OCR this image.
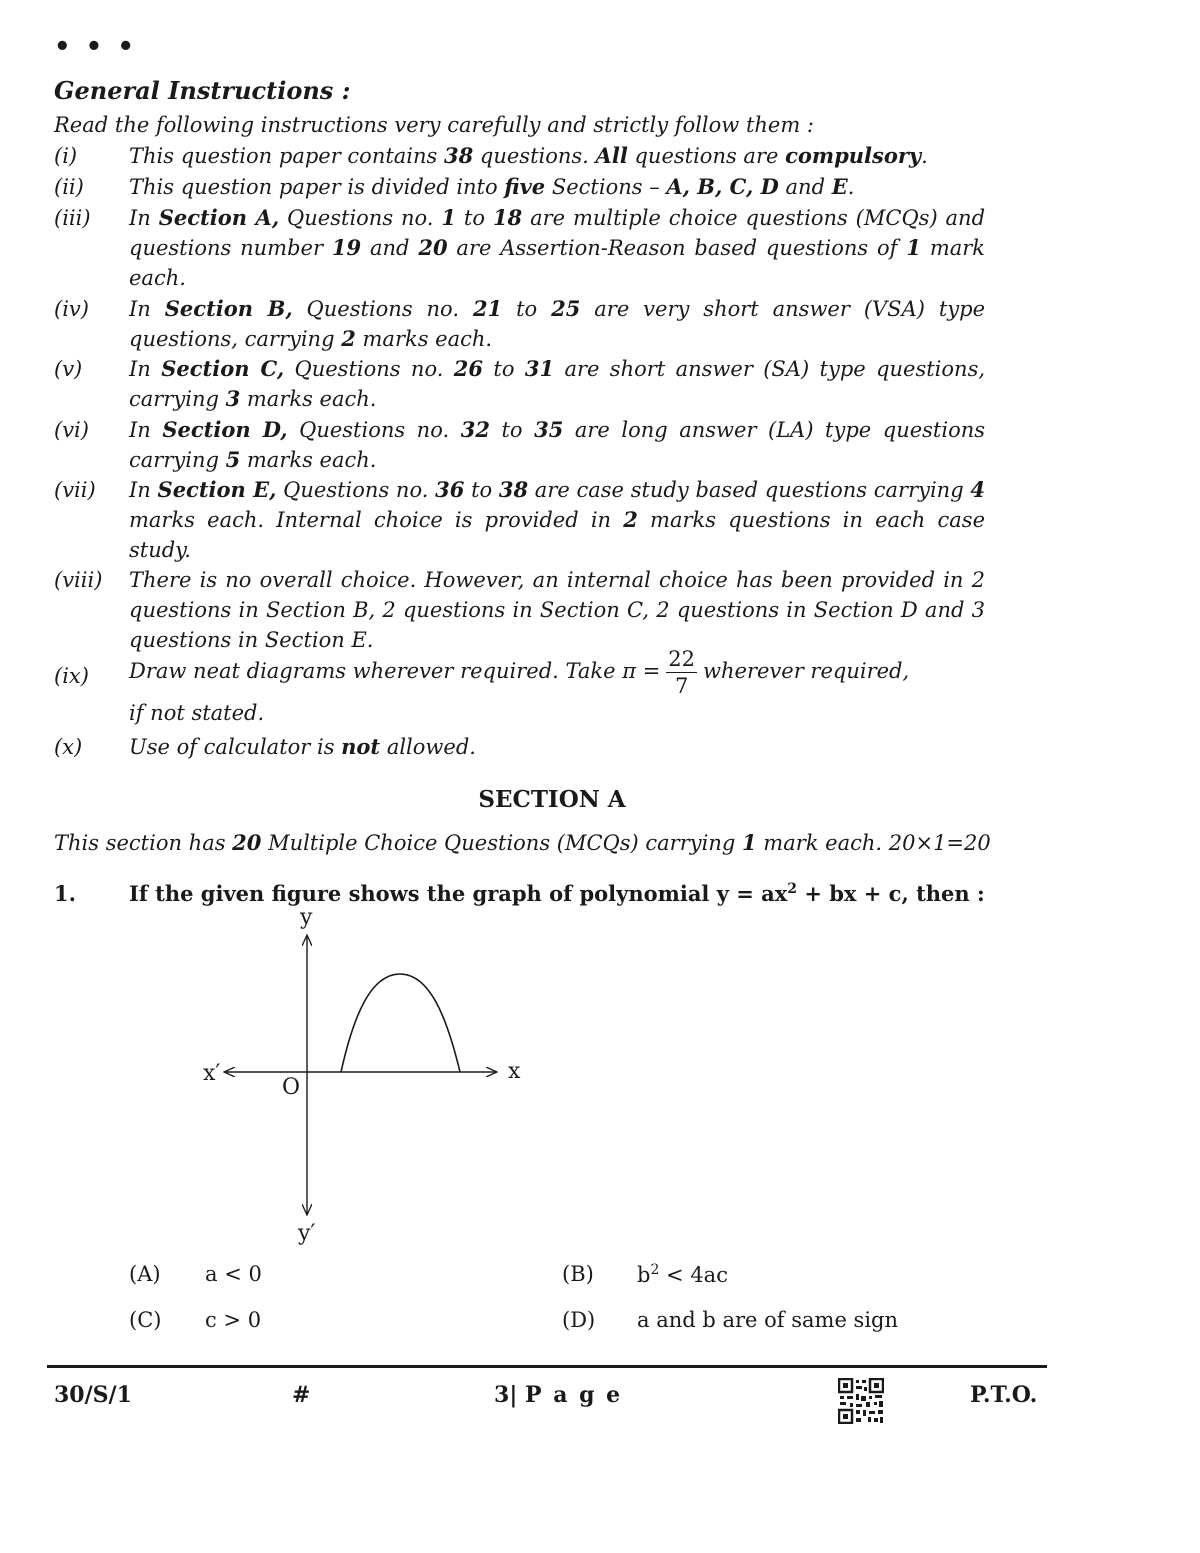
• • •
General Instructions :
Read the following instructions very carefully and strictly follow them :
(i)	This question paper contains 38 questions. All questions are compulsory.
(ii)	This question paper is divided into five Sections – A, B, C, D and E.
(iii)	In Section A, Questions no. 1 to 18 are multiple choice questions (MCQs) and questions number 19 and 20 are Assertion-Reason based questions of 1 mark each.
(iv)	In Section B, Questions no. 21 to 25 are very short answer (VSA) type questions, carrying 2 marks each.
(v)	In Section C, Questions no. 26 to 31 are short answer (SA) type questions, carrying 3 marks each.
(vi)	In Section D, Questions no. 32 to 35 are long answer (LA) type questions carrying 5 marks each.
(vii)	In Section E, Questions no. 36 to 38 are case study based questions carrying 4 marks each. Internal choice is provided in 2 marks questions in each case study.
(viii)	There is no overall choice. However, an internal choice has been provided in 2 questions in Section B, 2 questions in Section C, 2 questions in Section D and 3 questions in Section E.
(ix)	Draw neat diagrams wherever required. Take $\pi = \frac{22}{7}$ wherever required,
if not stated.
(x)	Use of calculator is not allowed.
SECTION A
This section has 20 Multiple Choice Questions (MCQs) carrying 1 mark each. 20×1=20
1.	If the given figure shows the graph of polynomial $y = ax^2$ + bx + c, then :
y
y′
x
x′
O
(A) a < 0	(B) $b^2 < 4ac$
(C) c > 0	(D) a and b are of same sign
30/S/1	#	3| P a g e	P.T.O.
